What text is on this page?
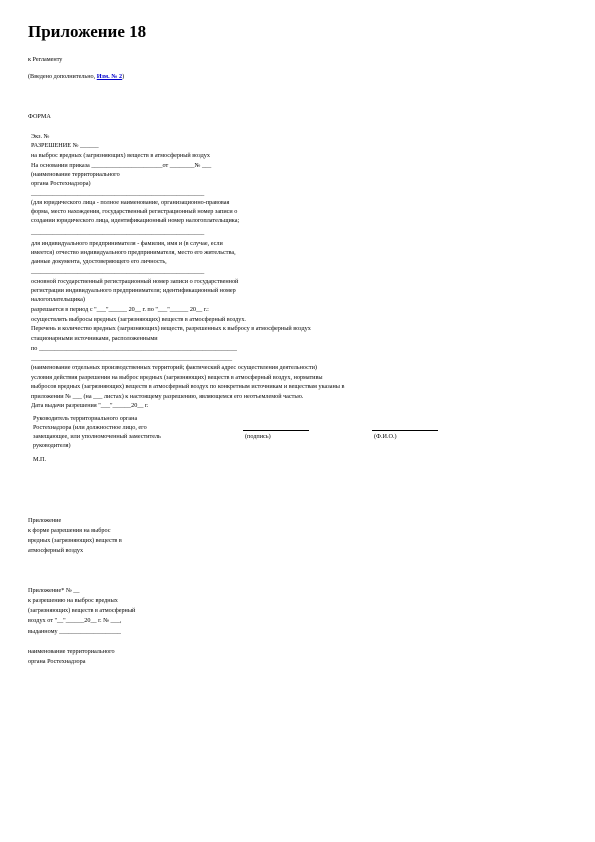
Приложение 18
к Регламенту
(Введено дополнительно, Изм. № 2)
ФОРМА
Экз. №
РАЗРЕШЕНИЕ № ______
на выброс вредных (загрязняющих) веществ в атмосферный воздух
На основании приказа _______________________от ________№ ___
(наименование территориального
органа Ростехнадзора)
________________________________________________________
(для юридического лица - полное наименование, организационно-правовая
форма, место нахождения, государственный регистрационный номер записи о
создании юридического лица, идентификационный номер налогоплательщика;
________________________________________________________
для индивидуального предпринимателя - фамилия, имя и (в случае, если
имеется) отчество индивидуального предпринимателя, место его жительства,
данные документа, удостоверяющего его личность,
________________________________________________________
основной государственный регистрационный номер записи о государственной
регистрации индивидуального предпринимателя; идентификационный номер
налогоплательщика)
разрешается в период с "___"______ 20__ г. по "___"______ 20__ г.:
осуществлять выбросы вредных (загрязняющих) веществ в атмосферный воздух.
Перечень и количество вредных (загрязняющих) веществ, разрешенных к выбросу в атмосферный воздух
стационарными источниками, расположенными
по ________________________________________________________________
_________________________________________________________________
(наименование отдельных производственных территорий; фактический адрес осуществления деятельности)
условия действия разрешения на выброс вредных (загрязняющих) веществ в атмосферный воздух, нормативы
выбросов вредных (загрязняющих) веществ в атмосферный воздух по конкретным источникам и веществам указаны в
приложении № ___ (на ___ листах) к настоящему разрешению, являющемся его неотъемлемой частью.
Дата выдачи разрешения "___"______20__ г.
Руководитель территориального органа
Ростехнадзора (или должностное лицо, его
замещающее, или уполномоченный заместитель
руководителя)
(подпись)	(Ф.И.О.)
М.П.
Приложение
к форме разрешения на выброс
вредных (загрязняющих) веществ в
атмосферный воздух
Приложение* № __
к разрешению на выброс вредных
(загрязняющих) веществ в атмосферный
воздух от "__"______20__ г. № ___,
выданному ____________________
наименование территориального
органа Ростехнадзора
